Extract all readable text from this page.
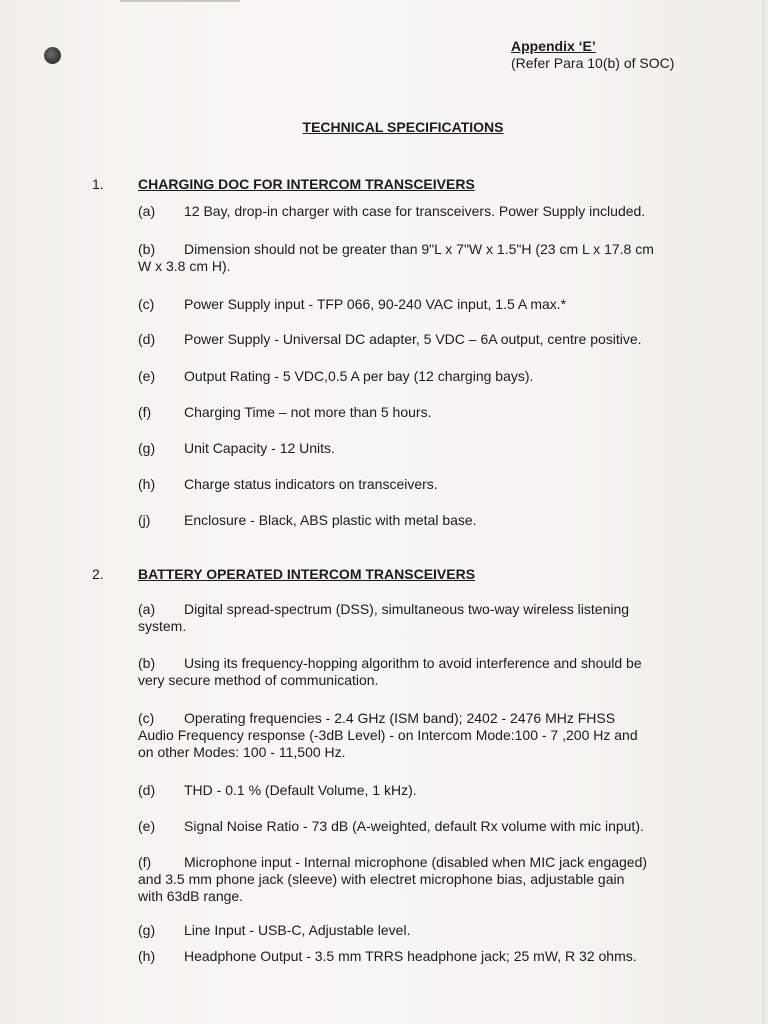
Appendix ‘E’
(Refer Para 10(b) of SOC)
TECHNICAL SPECIFICATIONS
1. CHARGING DOC FOR INTERCOM TRANSCEIVERS
(a) 12 Bay, drop-in charger with case for transceivers. Power Supply included.
(b) Dimension should not be greater than 9"L x 7"W x 1.5"H (23 cm L x 17.8 cm
W x 3.8 cm H).
(c) Power Supply input - TFP 066, 90-240 VAC input, 1.5 A max.*
(d) Power Supply - Universal DC adapter, 5 VDC – 6A output, centre positive.
(e) Output Rating - 5 VDC,0.5 A per bay (12 charging bays).
(f) Charging Time – not more than 5 hours.
(g) Unit Capacity - 12 Units.
(h) Charge status indicators on transceivers.
(j) Enclosure - Black, ABS plastic with metal base.
2. BATTERY OPERATED INTERCOM TRANSCEIVERS
(a) Digital spread-spectrum (DSS), simultaneous two-way wireless listening
system.
(b) Using its frequency-hopping algorithm to avoid interference and should be
very secure method of communication.
(c) Operating frequencies - 2.4 GHz (ISM band); 2402 - 2476 MHz FHSS
Audio Frequency response (-3dB Level) - on Intercom Mode:100 - 7 ,200 Hz and
on other Modes: 100 - 11,500 Hz.
(d) THD - 0.1 % (Default Volume, 1 kHz).
(e) Signal Noise Ratio - 73 dB (A-weighted, default Rx volume with mic input).
(f) Microphone input - Internal microphone (disabled when MIC jack engaged)
and 3.5 mm phone jack (sleeve) with electret microphone bias, adjustable gain
with 63dB range.
(g) Line Input - USB-C, Adjustable level.
(h) Headphone Output - 3.5 mm TRRS headphone jack; 25 mW, R 32 ohms.
